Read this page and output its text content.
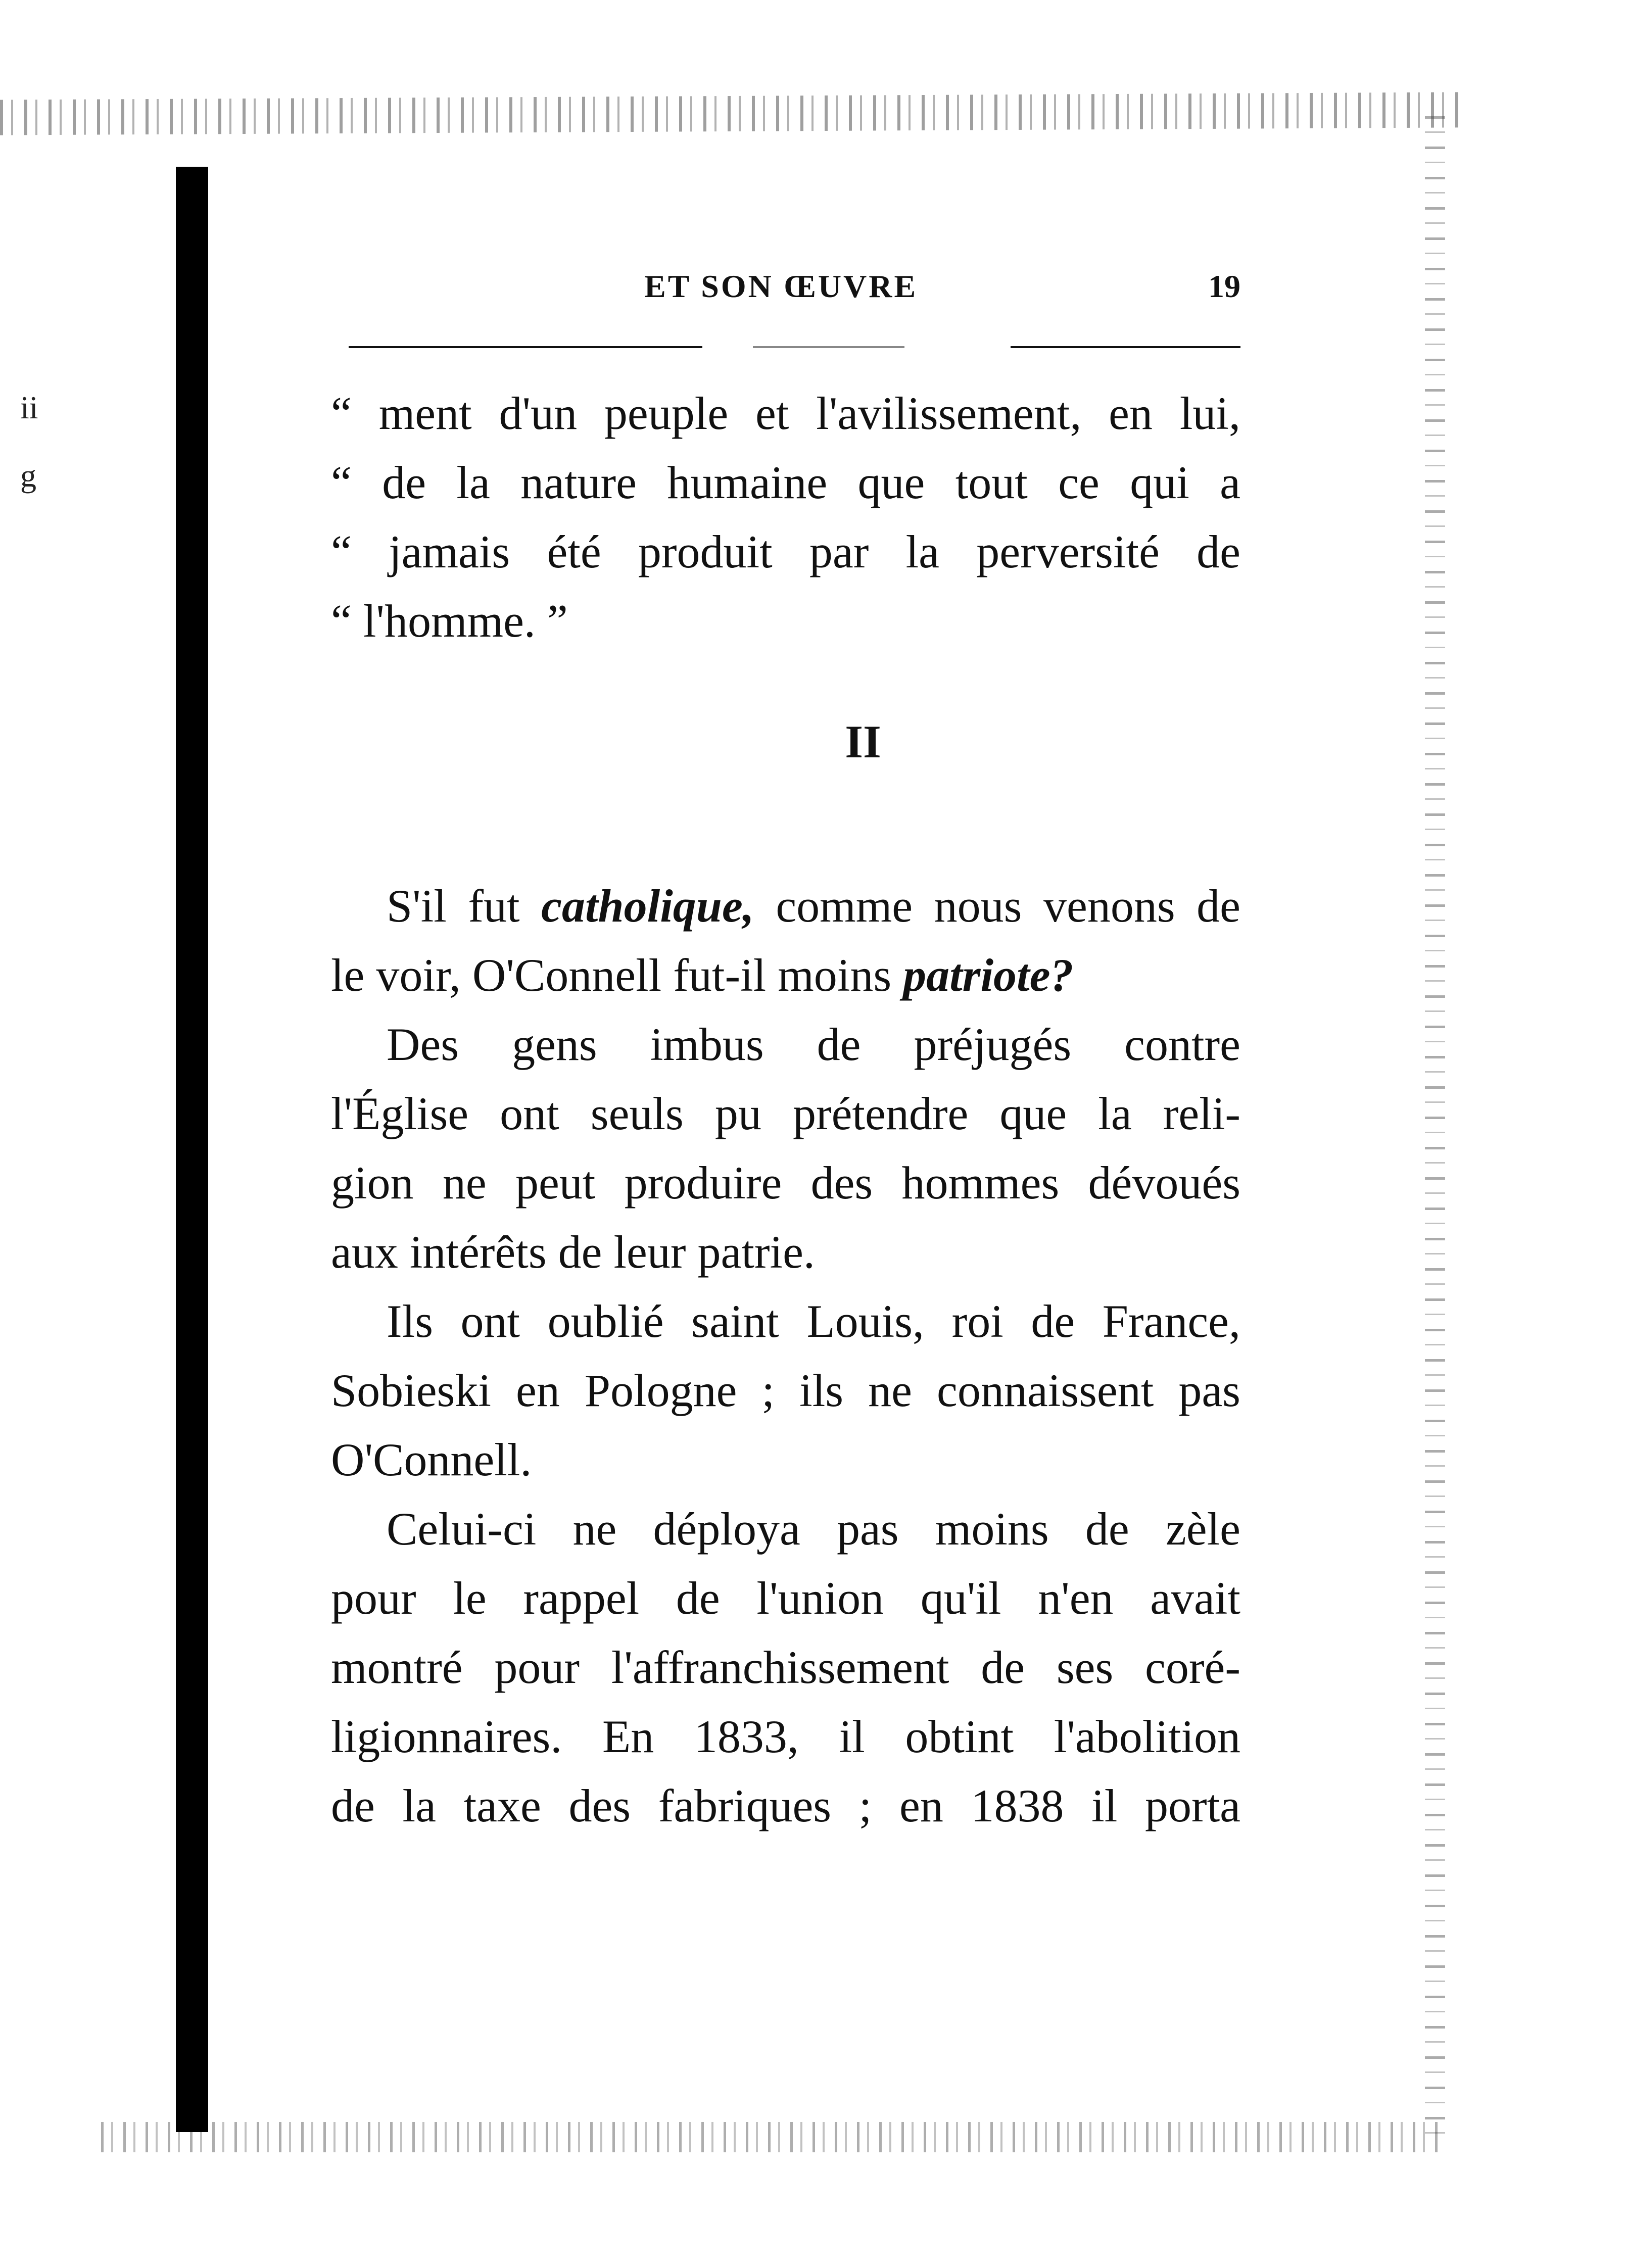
ii
g
ET SON ŒUVRE	19
“ ment d'un peuple et l'avilissement, en lui,
“ de la nature humaine que tout ce qui a
“ jamais été produit par la perversité de
“ l'homme. ”
II
S'il fut catholique, comme nous venons de
le voir, O'Connell fut-il moins patriote?
Des gens imbus de préjugés contre
l'Église ont seuls pu prétendre que la reli-
gion ne peut produire des hommes dévoués
aux intérêts de leur patrie.
Ils ont oublié saint Louis, roi de France,
Sobieski en Pologne ; ils ne connaissent pas
O'Connell.
Celui-ci ne déploya pas moins de zèle
pour le rappel de l'union qu'il n'en avait
montré pour l'affranchissement de ses coré-
ligionnaires. En 1833, il obtint l'abolition
de la taxe des fabriques ; en 1838 il porta
